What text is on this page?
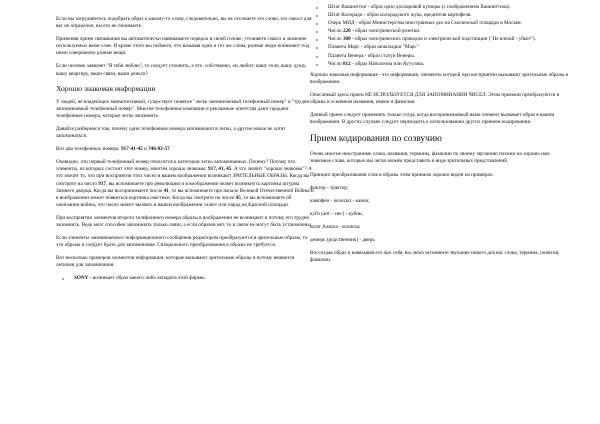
Если вы затрудняетесь подобрать образ к какому-то слову, следовательно, вы не осознаете это слово, его смысл для вас не определен, вы его не понимаете.

Применяя прием связывания вы автоматически навязываете порядок в своей голове, уточняете смысл и значение используемых вами слов. И кроме этого вы поймете, что называя один и тот же слова, разные люди понимают под ними совершенно разные вещи.

Если человек заявляет "Я тебя люблю", то следует уточнить, а что, собственно, он любит: вашу тело, вашу душу, вашу квартиру, ваши связи, ваши деньги?

Хорошо знакомая информация

У людей, не владеющих мнемотехникой, существует понятие "легко запоминаемый телефонный номер" и "трудно запоминаемый телефонный номер". Многие телефонные компании и рекламные агентства дают продают телефонные номера, которые легко запомнить.

Давайте разберемся том, почему одни телефонные номера запоминаются легко, а другие никак не хотят запоминаться.

Вот два телефонных номера: 917-41-45 и 746-83-57

Очевидно, что первый телефонный номер относится к категории легко запоминаемых. Почему? Потому что элементы, из которых состоит этот номер, многим хорошо знакомы: 917, 41, 45. А что значит "хорошо знакомы"? А это значит то, что при восприятии этих чисел в вашем воображении возникают ЗРИТЕЛЬНЫЕ ОБРАЗЫ. Когда вы смотрите на число 917, вы вспоминаете про революцию и в воображении может возникнуть картинка штурма Зимнего дворца. Когда вы воспринимаете число 41, то вы вспоминаете про начало Великой Отечественной Войны и в воображении может появиться картинка свастики. Когда вы смотрите на число 45, то вы вспоминаете об окончании войны, что число может вызвать в вашем воображении салют или парад на Красной площади.

При восприятии элементов второго телефонного номера образы в воображении не возникают и потому его трудно запомнить. Ведь мозг способен запоминать только связи, а если образов нет, то и связи не могут быть установлены.

Если элементы запоминаемого информационного сообщения редактором преобразуются в зрительные образы, то эти образы и следует брать для запоминания. Специального преобразования в образы не требуется.

Вот несколько примеров элементов информации, которые вызывают зрительные образы и потому являются легкими для запоминания.

o SONY - возникает образ какого-либо аппарата этой фирмы.
o Штат Вашингтон - образ одно долларовой купюры (с изображением Вашингтона).
o Штат Колорадо - образ колорадского жука, вредителя картофеля.
o Озеро МИД - образ Министерства иностранных дел на Смоленской площади в Москве.
o Число 220 - образ электрической розетки.
o Число 380 - образ электрических проводов и электрической подстанции ("Не влезай - убьет").
o Планета Марс - образ шоколадки "Марс"
o Планета Венера - образ статуи Венеры.
o Число 812 - образ Наполеона или Кутузова.

Хорошо знакомая информация - это информация, элементы которой при восприятии вызывают зрительные образы в воображении.

Описанный здесь прием НЕ ИСПОЛЬЗУЕТСЯ ДЛЯ ЗАПОМИНАНИЯ ЧИСЕЛ. Этим приемом преобразуются в образы в основном названия, имена и фамилии.

Данный прием следует применять только тогда, когда воспринимаемый вами элемент вызывает образ в вашем воображении. В других случаях следует переходить к использованию других приемов кодирования.

Прием кодирования по созвучию

Очень многие иностранные слова, названия, термины, фамилии по своему звучанию похожи на хорошо нам знакомые слова, которые мы легко можем представить в виде зрительных представлений.

Принцип преобразования слов в образы этим приемом хорошо виден на примерах:

фактор - трактор;

кампфен - колосы) - канна;

кубэ (анг. - нес) - кубик;

штат Аляска - коляска;

демерь (родственник) - дверь

Воссоздав образ и навязывая его про себя, вы легко вспомните звучание нового для вас слова, термина, понятия, фамилии.
